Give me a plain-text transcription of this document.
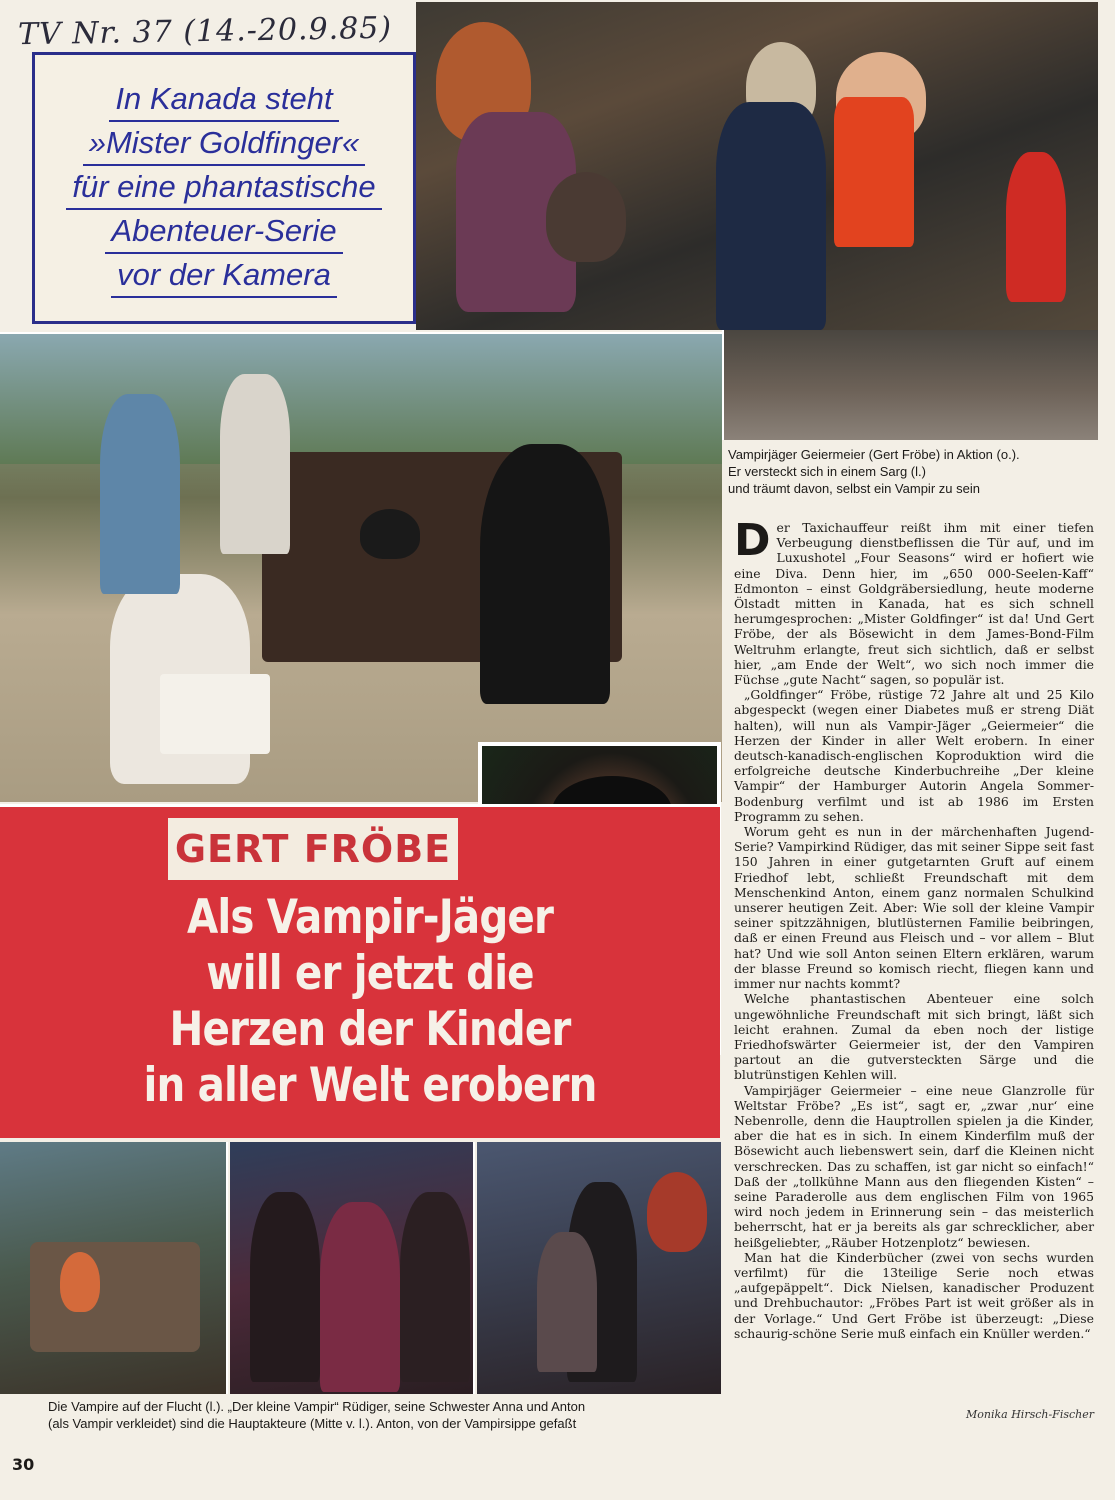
TV Nr. 37 (14.-20.9.85)
In Kanada steht
»Mister Goldfinger«
für eine phantastische
Abenteuer-Serie
vor der Kamera
GERT FRÖBE
Als Vampir-Jäger
will er jetzt die
Herzen der Kinder
in aller Welt erobern
Vampirjäger Geiermeier (Gert Fröbe) in Aktion (o.).
Er versteckt sich in einem Sarg (l.)
und träumt davon, selbst ein Vampir zu sein
Die Vampire auf der Flucht (l.). „Der kleine Vampir“ Rüdiger, seine Schwester Anna und Anton
(als Vampir verkleidet) sind die Hauptakteure (Mitte v. l.). Anton, von der Vampirsippe gefaßt

Der Taxichauffeur reißt ihm mit einer tiefen Verbeugung dienstbeflissen die Tür auf, und im Luxushotel „Four Seasons“ wird er hofiert wie eine Diva. Denn hier, im „650 000-Seelen-Kaff“ Edmonton – einst Goldgräbersiedlung, heute moderne Ölstadt mitten in Kanada, hat es sich schnell herumgesprochen: „Mister Goldfinger“ ist da! Und Gert Fröbe, der als Bösewicht in dem James-Bond-Film Weltruhm erlangte, freut sich sichtlich, daß er selbst hier, „am Ende der Welt“, wo sich noch immer die Füchse „gute Nacht“ sagen, so populär ist.

„Goldfinger“ Fröbe, rüstige 72 Jahre alt und 25 Kilo abgespeckt (wegen einer Diabetes muß er streng Diät halten), will nun als Vampir-Jäger „Geiermeier“ die Herzen der Kinder in aller Welt erobern. In einer deutsch-kanadisch-englischen Koproduktion wird die erfolgreiche deutsche Kinderbuchreihe „Der kleine Vampir“ der Hamburger Autorin Angela Sommer-Bodenburg verfilmt und ist ab 1986 im Ersten Programm zu sehen.

Worum geht es nun in der märchenhaften Jugend-Serie? Vampirkind Rüdiger, das mit seiner Sippe seit fast 150 Jahren in einer gutgetarnten Gruft auf einem Friedhof lebt, schließt Freundschaft mit dem Menschenkind Anton, einem ganz normalen Schulkind unserer heutigen Zeit. Aber: Wie soll der kleine Vampir seiner spitzzähnigen, blutlüsternen Familie beibringen, daß er einen Freund aus Fleisch und – vor allem – Blut hat? Und wie soll Anton seinen Eltern erklären, warum der blasse Freund so komisch riecht, fliegen kann und immer nur nachts kommt?

Welche phantastischen Abenteuer eine solch ungewöhnliche Freundschaft mit sich bringt, läßt sich leicht erahnen. Zumal da eben noch der listige Friedhofswärter Geiermeier ist, der den Vampiren partout an die gutversteckten Särge und die blutrünstigen Kehlen will.

Vampirjäger Geiermeier – eine neue Glanzrolle für Weltstar Fröbe? „Es ist“, sagt er, „zwar ‚nur‘ eine Nebenrolle, denn die Hauptrollen spielen ja die Kinder, aber die hat es in sich. In einem Kinderfilm muß der Bösewicht auch liebenswert sein, darf die Kleinen nicht verschrecken. Das zu schaffen, ist gar nicht so einfach!“ Daß der „tollkühne Mann aus den fliegenden Kisten“ – seine Paraderolle aus dem englischen Film von 1965 wird noch jedem in Erinnerung sein – das meisterlich beherrscht, hat er ja bereits als gar schrecklicher, aber heißgeliebter, „Räuber Hotzenplotz“ bewiesen.

Man hat die Kinderbücher (zwei von sechs wurden verfilmt) für die 13teilige Serie noch etwas „aufgepäppelt“. Dick Nielsen, kanadischer Produzent und Drehbuchautor: „Fröbes Part ist weit größer als in der Vorlage.“ Und Gert Fröbe ist überzeugt: „Diese schaurig-schöne Serie muß einfach ein Knüller werden.“

Monika Hirsch-Fischer
30
